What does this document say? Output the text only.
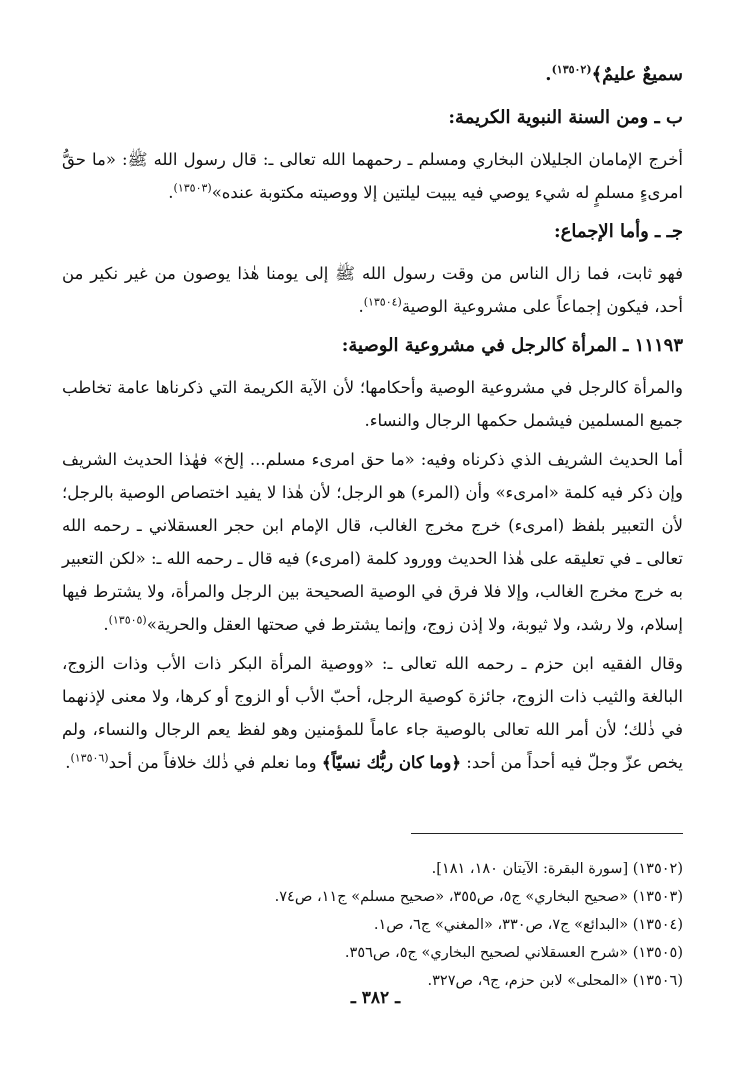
سميعٌ عليمٌ﴾$^{(١٣٥٠٢)}$.
ب ـ ومن السنة النبوية الكريمة:

أخرج الإمامان الجليلان البخاري ومسلم ـ رحمهما الله تعالى ـ: قال رسول الله ﷺ: «ما حقُّ امرىءٍ مسلمٍ له شيء يوصي فيه يبيت ليلتين إلا ووصيته مكتوبة عنده»$^{(١٣٥٠٣)}$.

جـ ـ وأما الإجماع:

فهو ثابت، فما زال الناس من وقت رسول الله ﷺ إلى يومنا هٰذا يوصون من غير نكير من أحد، فيكون إجماعاً على مشروعية الوصية$^{(١٣٥٠٤)}$.

١١١٩٣ ـ المرأة كالرجل في مشروعية الوصية:

والمرأة كالرجل في مشروعية الوصية وأحكامها؛ لأن الآية الكريمة التي ذكرناها عامة تخاطب جميع المسلمين فيشمل حكمها الرجال والنساء.

أما الحديث الشريف الذي ذكرناه وفيه: «ما حق امرىء مسلم... إلخ» فهٰذا الحديث الشريف وإن ذكر فيه كلمة «امرىء» وأن (المرء) هو الرجل؛ لأن هٰذا لا يفيد اختصاص الوصية بالرجل؛ لأن التعبير بلفظ (امرىء) خرج مخرج الغالب، قال الإمام ابن حجر العسقلاني ـ رحمه الله تعالى ـ في تعليقه على هٰذا الحديث وورود كلمة (امرىء) فيه قال ـ رحمه الله ـ: «لكن التعبير به خرج مخرج الغالب، وإلا فلا فرق في الوصية الصحيحة بين الرجل والمرأة، ولا يشترط فيها إسلام، ولا رشد، ولا ثيوبة، ولا إذن زوج، وإنما يشترط في صحتها العقل والحرية»$^{(١٣٥٠٥)}$.

وقال الفقيه ابن حزم ـ رحمه الله تعالى ـ: «ووصية المرأة البكر ذات الأب وذات الزوج، البالغة والثيب ذات الزوج، جائزة كوصية الرجل، أحبّ الأب أو الزوج أو كرها، ولا معنى لإذنهما في ذٰلك؛ لأن أمر الله تعالى بالوصية جاء عاماً للمؤمنين وهو لفظ يعم الرجال والنساء، ولم يخص عزّ وجلّ فيه أحداً من أحد: ﴿وما كان ربُّك نسيّاً﴾ وما نعلم في ذٰلك خلافاً من أحد$^{(١٣٥٠٦)}$.

(١٣٥٠٢) [سورة البقرة: الآيتان ١٨٠، ١٨١].

(١٣٥٠٣) «صحيح البخاري» ج٥، ص٣٥٥، «صحيح مسلم» ج١١، ص٧٤.

(١٣٥٠٤) «البدائع» ج٧، ص٣٣٠، «المغني» ج٦، ص١.

(١٣٥٠٥) «شرح العسقلاني لصحيح البخاري» ج٥، ص٣٥٦.

(١٣٥٠٦) «المحلى» لابن حزم، ج٩، ص٣٢٧.

ـ ٣٨٢ ـ
